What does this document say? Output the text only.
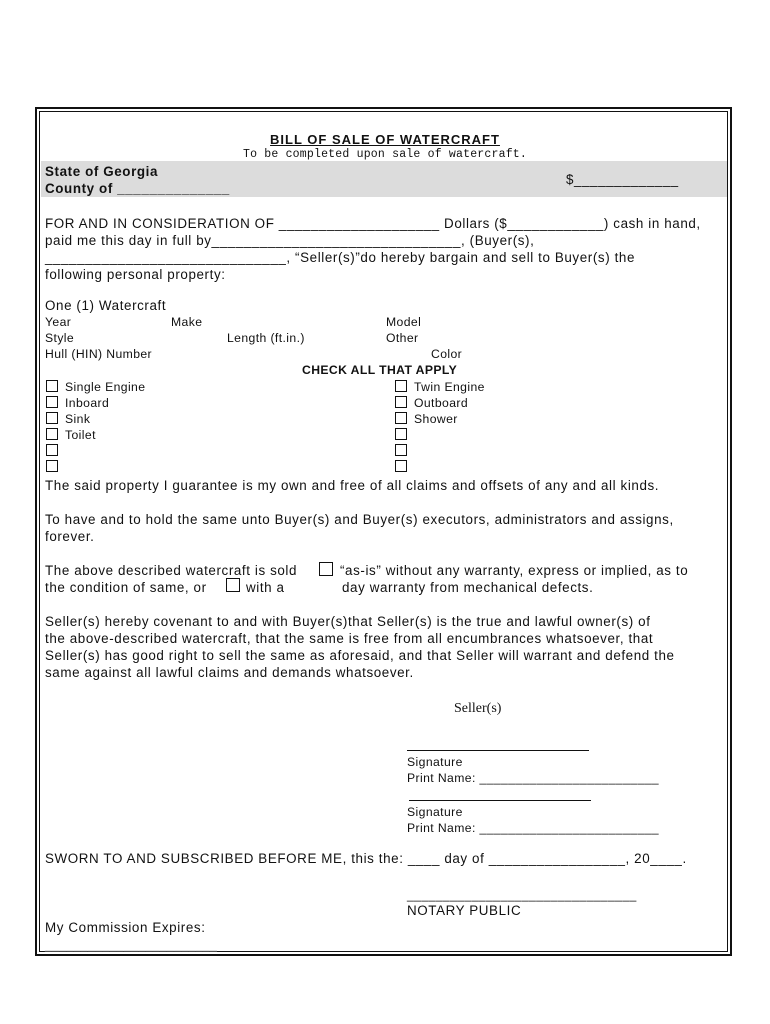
BILL OF SALE OF WATERCRAFT
To be completed upon sale of watercraft.
State of Georgia
County of ______________
$_____________
FOR AND IN CONSIDERATION OF ____________________ Dollars ($____________) cash in hand,
paid me this day in full by_______________________________, (Buyer(s),
______________________________, “Seller(s)”do hereby bargain and sell to Buyer(s) the
following personal property:
One (1) Watercraft
Year	Make	Model
Style	Length (ft.in.)	Other
Hull (HIN) Number	Color
CHECK ALL THAT APPLY
Single Engine
Inboard
Sink
Toilet
Twin Engine
Outboard
Shower
The said property I guarantee is my own and free of all claims and offsets of any and all kinds.
To have and to hold the same unto Buyer(s) and Buyer(s) executors, administrators and assigns,
forever.
The above described watercraft is sold	“as-is” without any warranty, express or implied, as to
the condition of same, or	with a	day warranty from mechanical defects.
Seller(s) hereby covenant to and with Buyer(s)that Seller(s) is the true and lawful owner(s) of
the above-described watercraft, that the same is free from all encumbrances whatsoever, that
Seller(s) has good right to sell the same as aforesaid, and that Seller will warrant and defend the
same against all lawful claims and demands whatsoever.
Seller(s)
Signature
Print Name: _________________________
Signature
Print Name: _________________________
SWORN TO AND SUBSCRIBED BEFORE ME, this the: ____ day of _________________, 20____.
________________________________
NOTARY PUBLIC
My Commission Expires:
________________________
